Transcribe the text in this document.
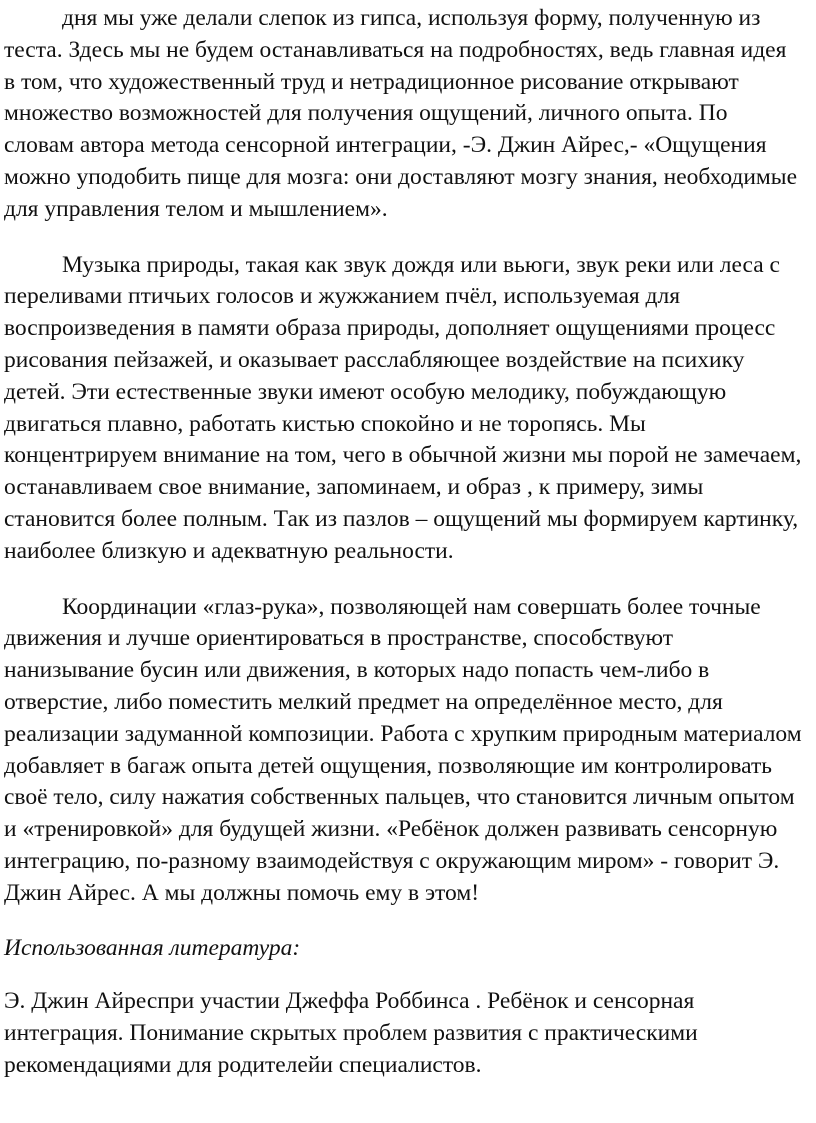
дня мы уже делали слепок из гипса, используя форму, полученную из теста. Здесь мы не будем останавливаться на подробностях, ведь главная идея в том, что художественный труд и нетрадиционное рисование открывают множество возможностей для получения ощущений, личного опыта. По словам автора метода сенсорной интеграции, -Э. Джин Айрес,- «Ощущения можно уподобить пище для мозга: они доставляют мозгу знания, необходимые для управления телом и мышлением».

Музыка природы, такая как звук дождя или вьюги, звук реки или леса с переливами птичьих голосов и жужжанием пчёл, используемая для воспроизведения в памяти образа природы, дополняет ощущениями процесс рисования пейзажей, и оказывает расслабляющее воздействие на психику детей. Эти естественные звуки имеют особую мелодику, побуждающую двигаться плавно, работать кистью спокойно и не торопясь. Мы концентрируем внимание на том, чего в обычной жизни мы порой не замечаем, останавливаем свое внимание, запоминаем, и образ , к примеру, зимы становится более полным. Так из пазлов – ощущений мы формируем картинку, наиболее близкую и адекватную реальности.

Координации «глаз-рука», позволяющей нам совершать более точные движения и лучше ориентироваться в пространстве, способствуют нанизывание бусин или движения, в которых надо попасть чем-либо в отверстие, либо поместить мелкий предмет на определённое место, для реализации задуманной композиции. Работа с хрупким природным материалом добавляет в багаж опыта детей ощущения, позволяющие им контролировать своё тело, силу нажатия собственных пальцев, что становится личным опытом и «тренировкой» для будущей жизни. «Ребёнок должен развивать сенсорную интеграцию, по-разному взаимодействуя с окружающим миром» - говорит Э. Джин Айрес. А мы должны помочь ему в этом!

Использованная литература:

Э. Джин Айреспри участии Джеффа Роббинса . Ребёнок и сенсорная интеграция. Понимание скрытых проблем развития с практическими рекомендациями для родителейи специалистов.
